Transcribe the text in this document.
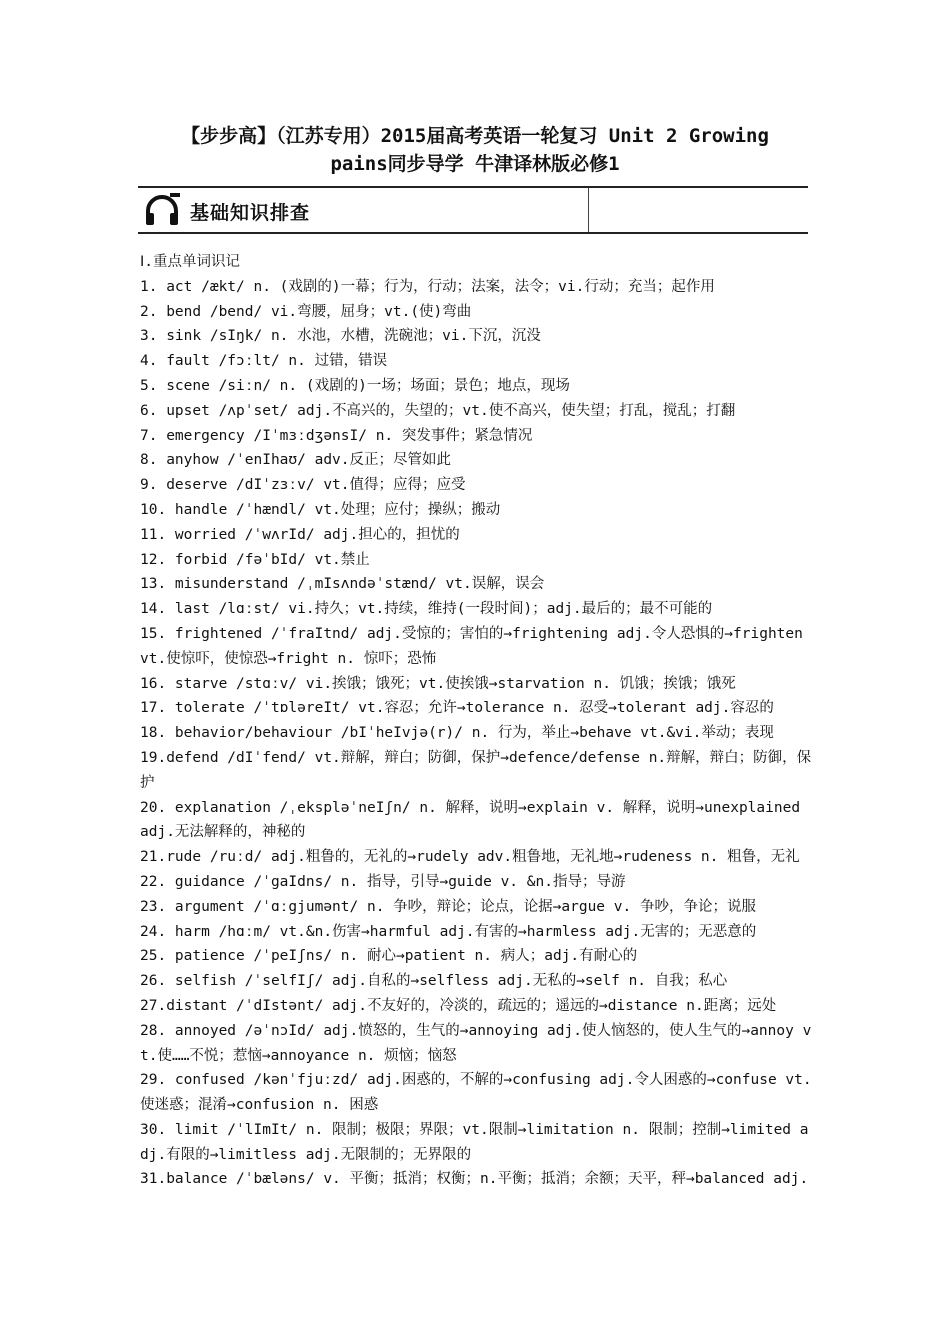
【步步高】（江苏专用）2015届高考英语一轮复习 Unit 2 Growing
pains同步导学 牛津译林版必修1
基础知识排查

Ⅰ.重点单词识记

1. act /ækt/ n. (戏剧的)一幕；行为，行动；法案，法令；vi.行动；充当；起作用

2. bend /bend/ vi.弯腰，屈身；vt.(使)弯曲

3. sink /sIŋk/ n. 水池，水槽，洗碗池；vi.下沉，沉没

4. fault /fɔːlt/ n. 过错，错误

5. scene /siːn/ n. (戏剧的)一场；场面；景色；地点，现场

6. upset /ʌpˈset/ adj.不高兴的，失望的；vt.使不高兴，使失望；打乱，搅乱；打翻

7. emergency /IˈmɜːdʒənsI/ n. 突发事件；紧急情况

8. anyhow /ˈenIhaʊ/ adv.反正；尽管如此

9. deserve /dIˈzɜːv/ vt.值得；应得；应受

10. handle /ˈhændl/ vt.处理；应付；操纵；搬动

11. worried /ˈwʌrId/ adj.担心的，担忧的

12. forbid /fəˈbId/ vt.禁止

13. misunderstand /ˌmIsʌndəˈstænd/ vt.误解，误会

14. last /lɑːst/ vi.持久；vt.持续，维持(一段时间)；adj.最后的；最不可能的

15. frightened /ˈfraItnd/ adj.受惊的；害怕的→frightening adj.令人恐惧的→frighten vt.使惊吓，使惊恐→fright n. 惊吓；恐怖

16. starve /stɑːv/ vi.挨饿；饿死；vt.使挨饿→starvation n. 饥饿；挨饿；饿死

17. tolerate /ˈtɒləreIt/ vt.容忍；允许→tolerance n. 忍受→tolerant adj.容忍的

18. behavior/behaviour /bIˈheIvjə(r)/ n. 行为，举止→behave vt.&vi.举动；表现

19.defend /dIˈfend/ vt.辩解，辩白；防御，保护→defence/defense n.辩解，辩白；防御，保护

20. explanation /ˌekspləˈneIʃn/ n. 解释，说明→explain v. 解释，说明→unexplained adj.无法解释的，神秘的

21.rude /ruːd/ adj.粗鲁的，无礼的→rudely adv.粗鲁地，无礼地→rudeness n. 粗鲁，无礼

22. guidance /ˈgaIdns/ n. 指导，引导→guide v. &n.指导；导游

23. argument /ˈɑːgjumənt/ n. 争吵，辩论；论点，论据→argue v. 争吵，争论；说服

24. harm /hɑːm/ vt.&n.伤害→harmful adj.有害的→harmless adj.无害的；无恶意的

25. patience /ˈpeIʃns/ n. 耐心→patient n. 病人；adj.有耐心的

26. selfish /ˈselfIʃ/ adj.自私的→selfless adj.无私的→self n. 自我；私心

27.distant /ˈdIstənt/ adj.不友好的，冷淡的，疏远的；遥远的→distance n.距离；远处

28. annoyed /əˈnɔId/ adj.愤怒的，生气的→annoying adj.使人恼怒的，使人生气的→annoy vt.使……不悦；惹恼→annoyance n. 烦恼；恼怒

29. confused /kənˈfjuːzd/ adj.困惑的，不解的→confusing adj.令人困惑的→confuse vt.使迷惑；混淆→confusion n. 困惑

30. limit /ˈlImIt/ n. 限制；极限；界限；vt.限制→limitation n. 限制；控制→limited adj.有限的→limitless adj.无限制的；无界限的

31.balance /ˈbæləns/ v. 平衡；抵消；权衡；n.平衡；抵消；余额；天平，秤→balanced adj.
